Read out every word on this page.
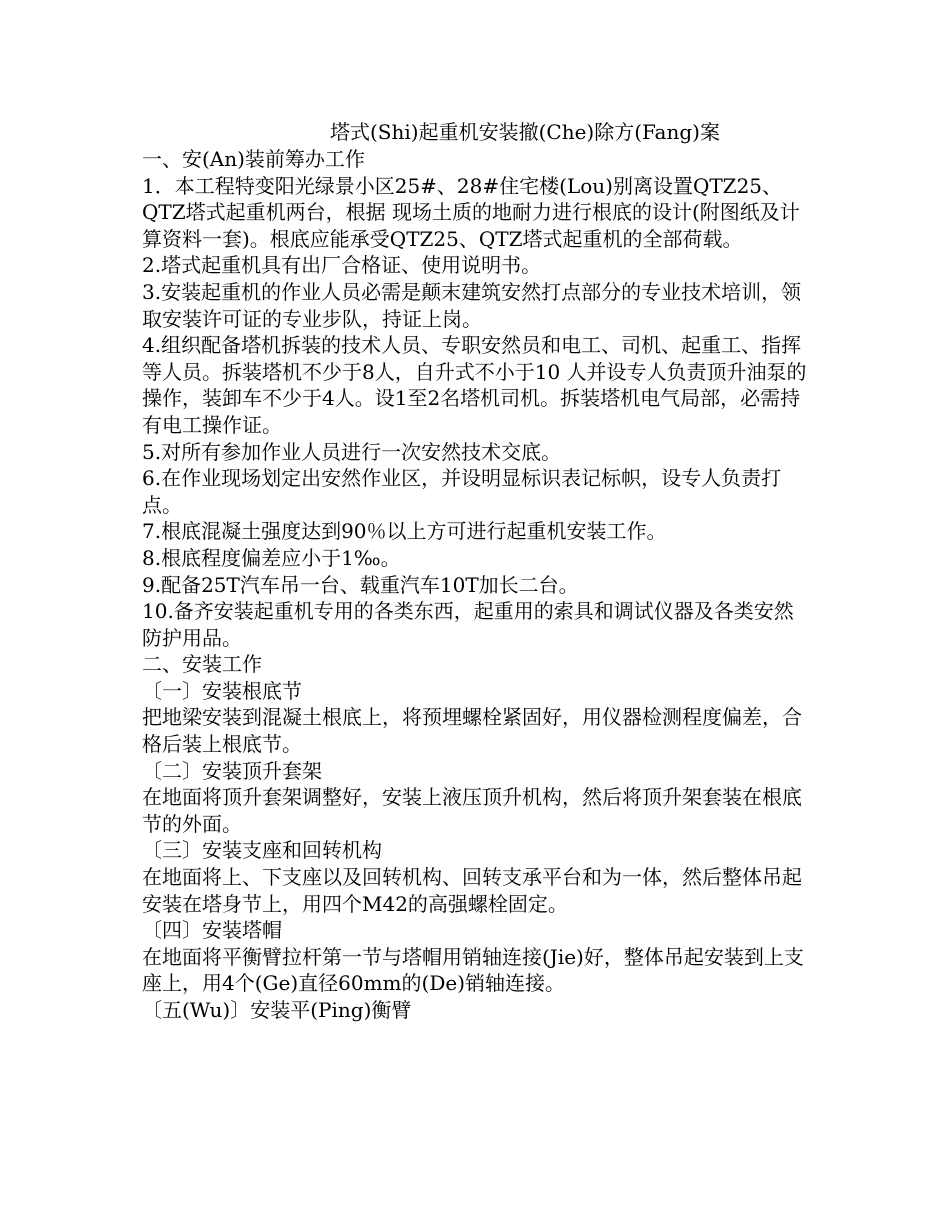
塔式(Shi)起重机安装撤(Che)除方(Fang)案

一、安(An)装前筹办工作

1．本工程特变阳光绿景小区25#、28#住宅楼(Lou)别离设置QTZ25、QTZ塔式起重机两台，根据 现场土质的地耐力进行根底的设计(附图纸及计算资料一套)。根底应能承受QTZ25、QTZ塔式起重机的全部荷载。

2.塔式起重机具有出厂合格证、使用说明书。

3.安装起重机的作业人员必需是颠末建筑安然打点部分的专业技术培训，领取安装许可证的专业步队，持证上岗。

4.组织配备塔机拆装的技术人员、专职安然员和电工、司机、起重工、指挥等人员。拆装塔机不少于8人，自升式不小于10 人并设专人负责顶升油泵的操作，装卸车不少于4人。设1至2名塔机司机。拆装塔机电气局部，必需持有电工操作证。

5.对所有参加作业人员进行一次安然技术交底。

6.在作业现场划定出安然作业区，并设明显标识表记标帜，设专人负责打点。

7.根底混凝土强度达到90％以上方可进行起重机安装工作。

8.根底程度偏差应小于1‰。

9.配备25T汽车吊一台、载重汽车10T加长二台。

10.备齐安装起重机专用的各类东西，起重用的索具和调试仪器及各类安然防护用品。

二、安装工作

〔一〕安装根底节

把地梁安装到混凝土根底上，将预埋螺栓紧固好，用仪器检测程度偏差，合格后装上根底节。

〔二〕安装顶升套架

在地面将顶升套架调整好，安装上液压顶升机构，然后将顶升架套装在根底节的外面。

〔三〕安装支座和回转机构

在地面将上、下支座以及回转机构、回转支承平台和为一体，然后整体吊起安装在塔身节上，用四个M42的高强螺栓固定。

〔四〕安装塔帽

在地面将平衡臂拉杆第一节与塔帽用销轴连接(Jie)好，整体吊起安装到上支座上，用4个(Ge)直径60mm的(De)销轴连接。

〔五(Wu)〕安装平(Ping)衡臂
